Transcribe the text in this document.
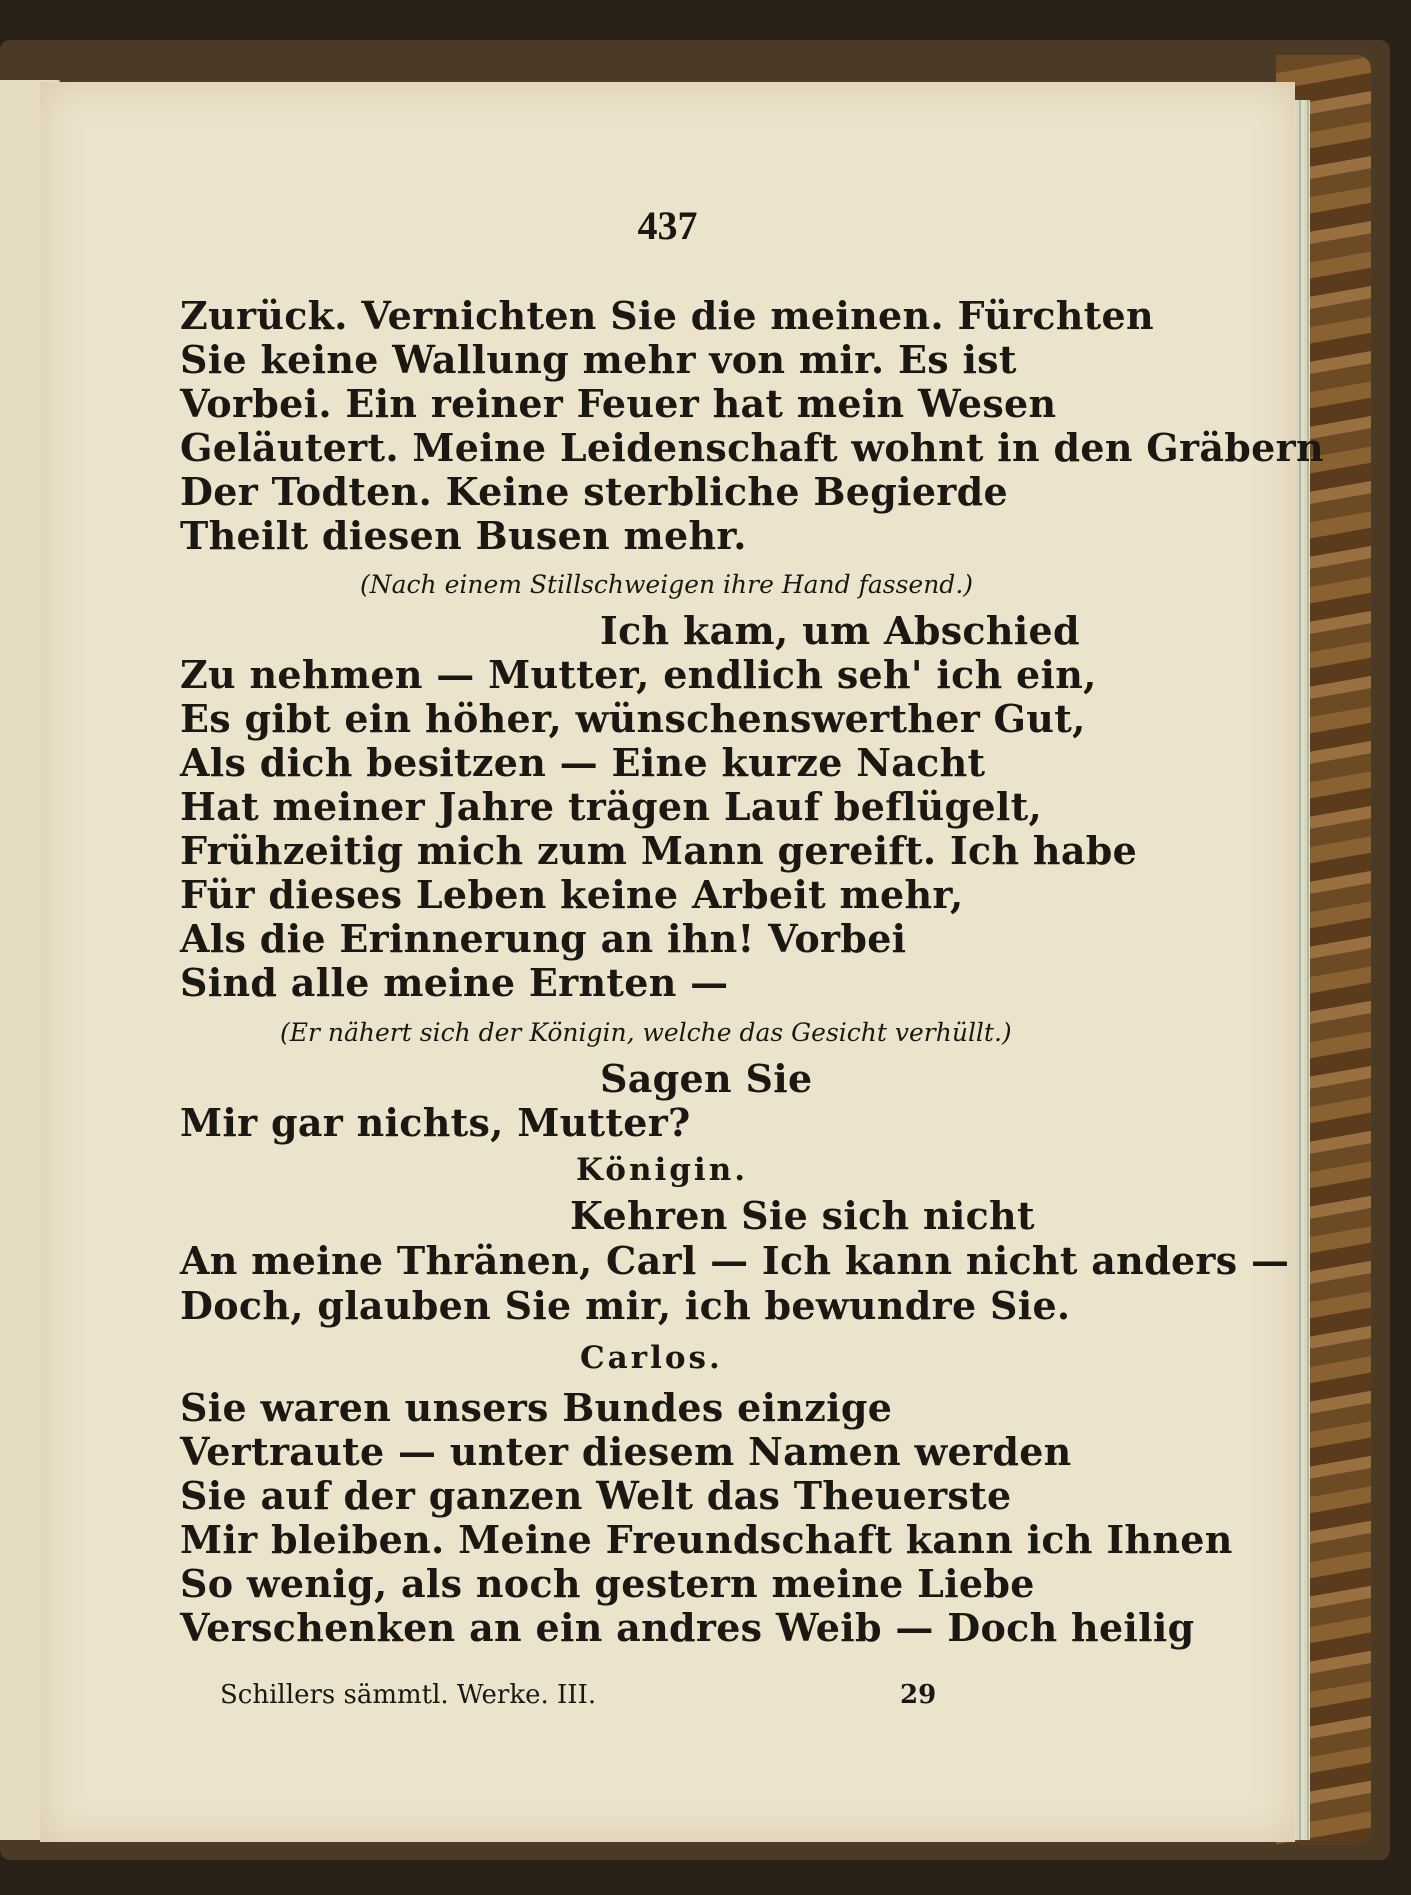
437
Zurück. Vernichten Sie die meinen. Fürchten
Sie keine Wallung mehr von mir. Es ist
Vorbei. Ein reiner Feuer hat mein Wesen
Geläutert. Meine Leidenschaft wohnt in den Gräbern
Der Todten. Keine sterbliche Begierde
Theilt diesen Busen mehr.
(Nach einem Stillschweigen ihre Hand fassend.)
Ich kam, um Abschied
Zu nehmen — Mutter, endlich seh' ich ein,
Es gibt ein höher, wünschenswerther Gut,
Als dich besitzen — Eine kurze Nacht
Hat meiner Jahre trägen Lauf beflügelt,
Frühzeitig mich zum Mann gereift. Ich habe
Für dieses Leben keine Arbeit mehr,
Als die Erinnerung an ihn! Vorbei
Sind alle meine Ernten —
(Er nähert sich der Königin, welche das Gesicht verhüllt.)
Sagen Sie
Mir gar nichts, Mutter?
Königin.
Kehren Sie sich nicht
An meine Thränen, Carl — Ich kann nicht anders —
Doch, glauben Sie mir, ich bewundre Sie.
Carlos.
Sie waren unsers Bundes einzige
Vertraute — unter diesem Namen werden
Sie auf der ganzen Welt das Theuerste
Mir bleiben. Meine Freundschaft kann ich Ihnen
So wenig, als noch gestern meine Liebe
Verschenken an ein andres Weib — Doch heilig
Schillers sämmtl. Werke. III.	29
